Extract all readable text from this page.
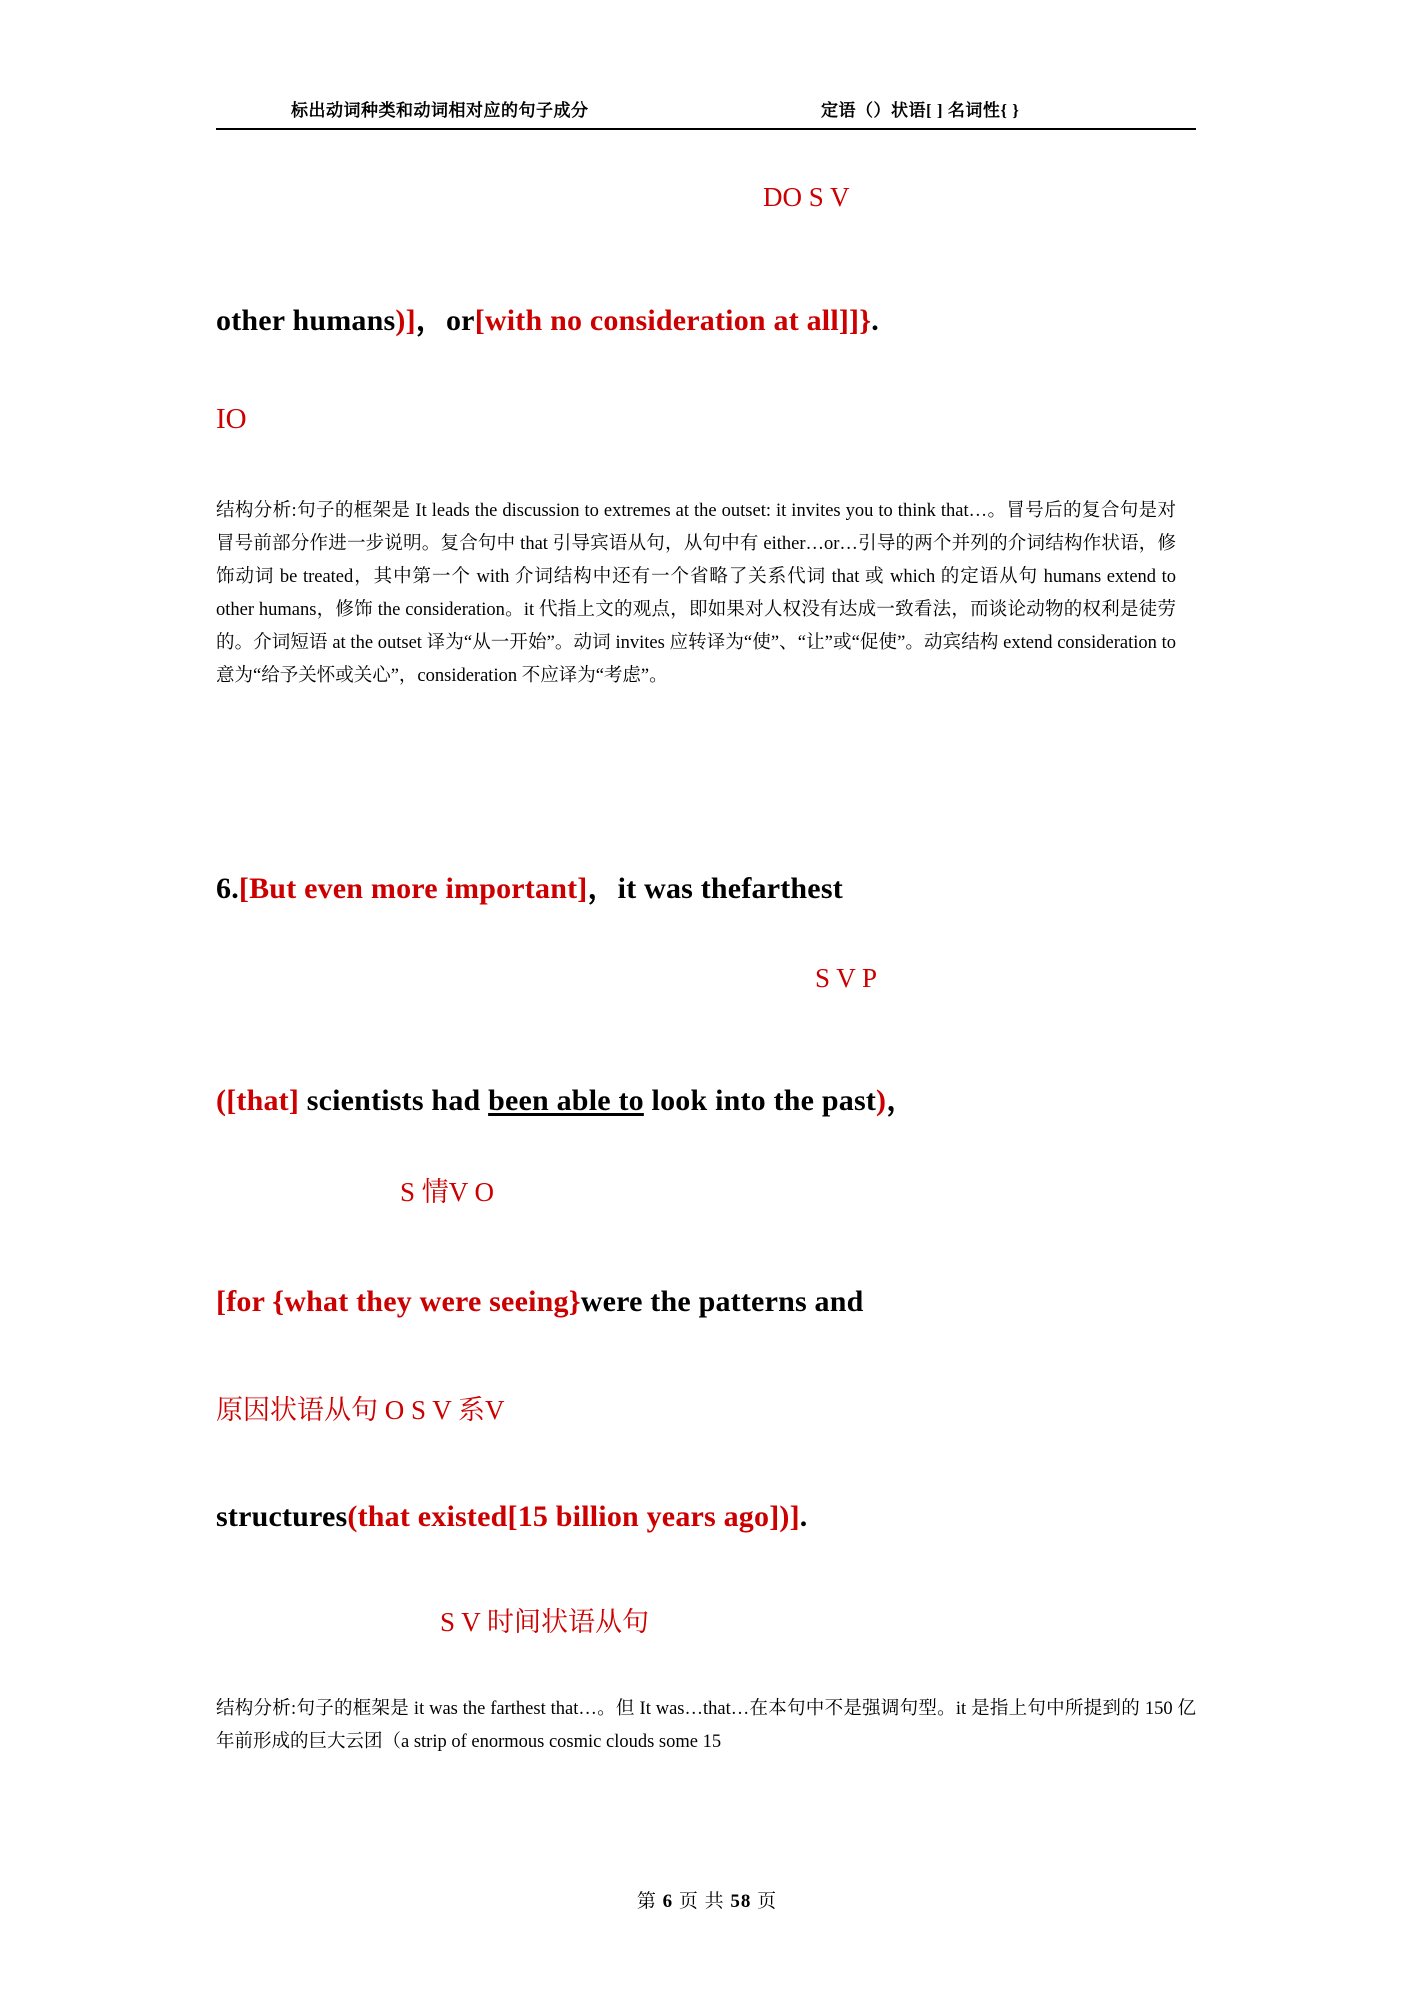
标出动词种类和动词相对应的句子成分	定语（）状语[ ] 名词性{ }
DO S V
other humans)]，or[with no consideration at all]]}.
IO
结构分析:句子的框架是 It leads the discussion to extremes at the outset: it invites you to think that…。冒号后的复合句是对冒号前部分作进一步说明。复合句中 that 引导宾语从句，从句中有 either…or…引导的两个并列的介词结构作状语，修饰动词 be treated，其中第一个 with 介词结构中还有一个省略了关系代词 that 或 which 的定语从句 humans extend to other humans，修饰 the consideration。it 代指上文的观点，即如果对人权没有达成一致看法，而谈论动物的权利是徒劳的。介词短语 at the outset 译为“从一开始”。动词 invites 应转译为“使”、“让”或“促使”。动宾结构 extend consideration to 意为“给予关怀或关心”，consideration 不应译为“考虑”。
6.[But even more important]，it was thefarthest
S V P
([that] scientists had been able to look into the past)，
S 情V O
[for {what they were seeing}were the patterns and
原因状语从句 O S V 系V
structures(that existed[15 billion years ago])].
S V 时间状语从句
结构分析:句子的框架是 it was the farthest that…。但 It was…that…在本句中不是强调句型。it 是指上句中所提到的 150 亿年前形成的巨大云团（a strip of enormous cosmic clouds some 15
第 6 页 共 58 页
